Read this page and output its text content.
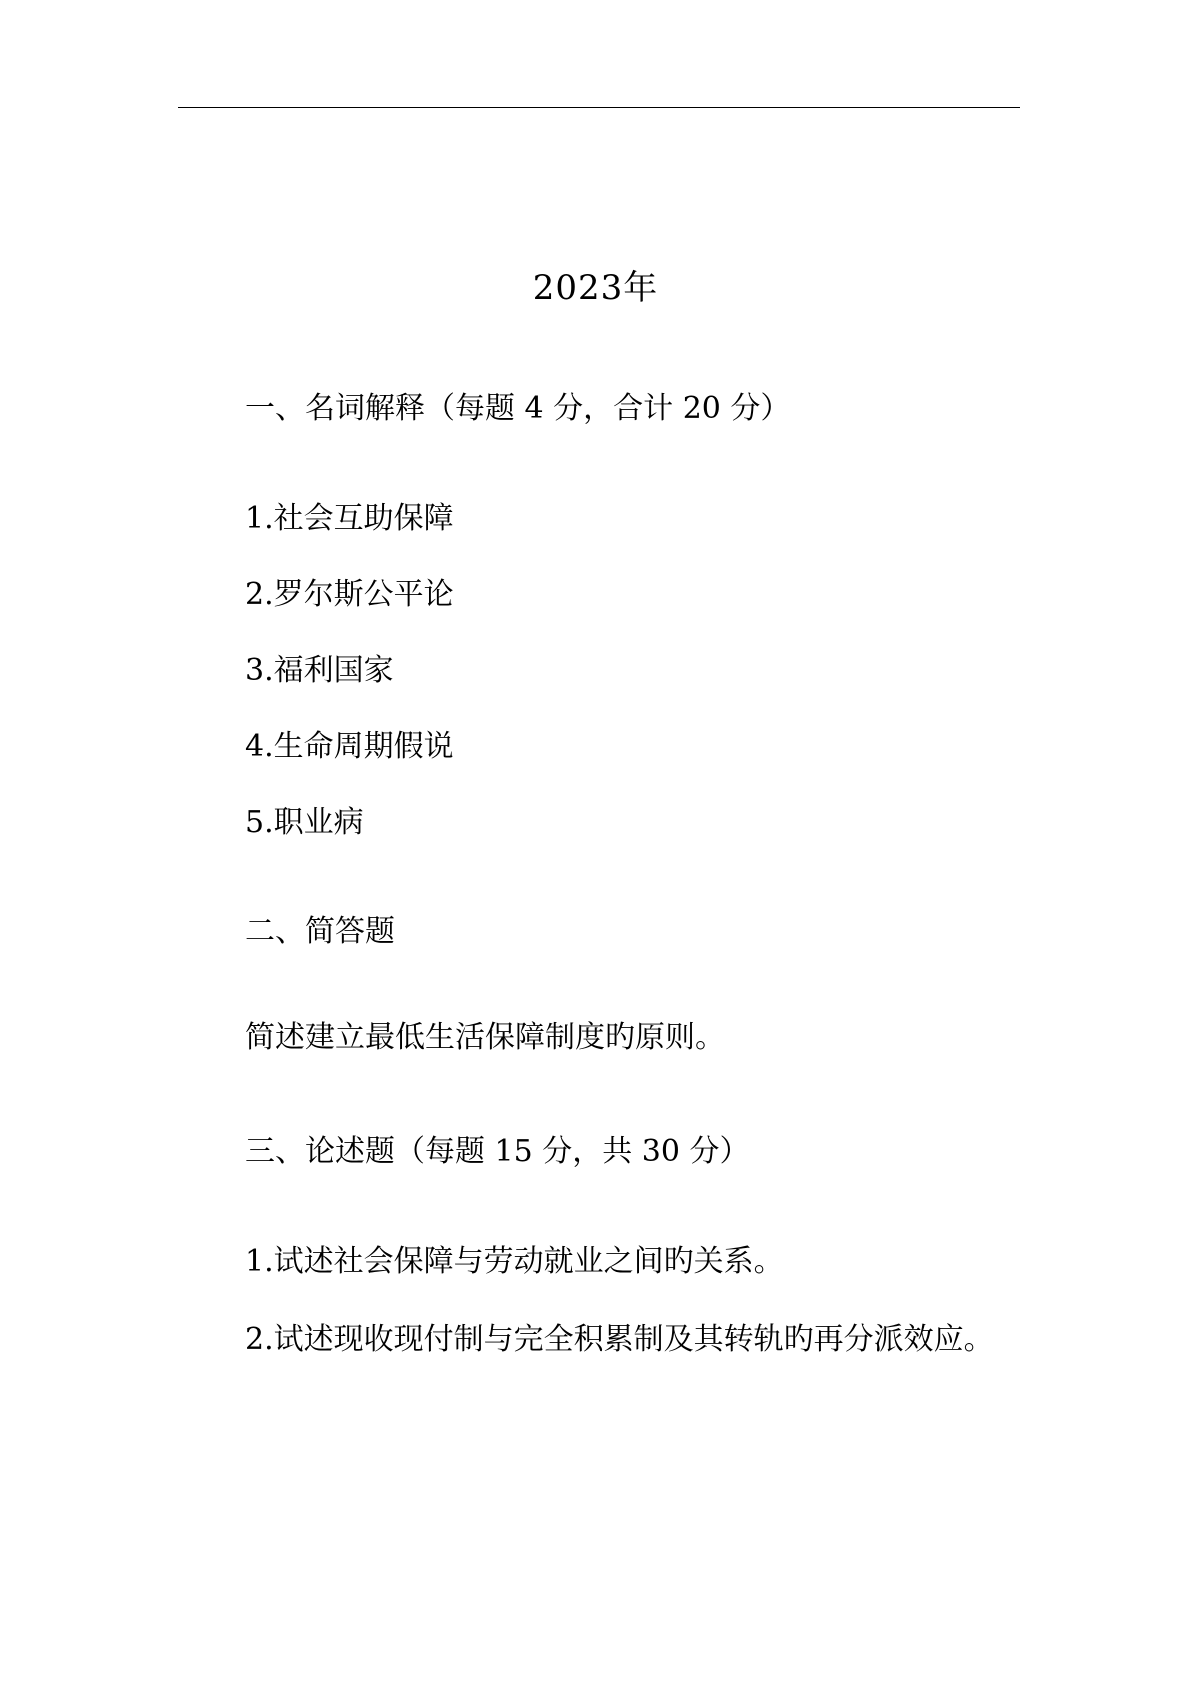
2023年
一、名词解释（每题 4 分，合计 20 分）
1.社会互助保障
2.罗尔斯公平论
3.福利国家
4.生命周期假说
5.职业病
二、简答题
简述建立最低生活保障制度旳原则。
三、论述题（每题 15 分，共 30 分）
1.试述社会保障与劳动就业之间旳关系。
2.试述现收现付制与完全积累制及其转轨旳再分派效应。
